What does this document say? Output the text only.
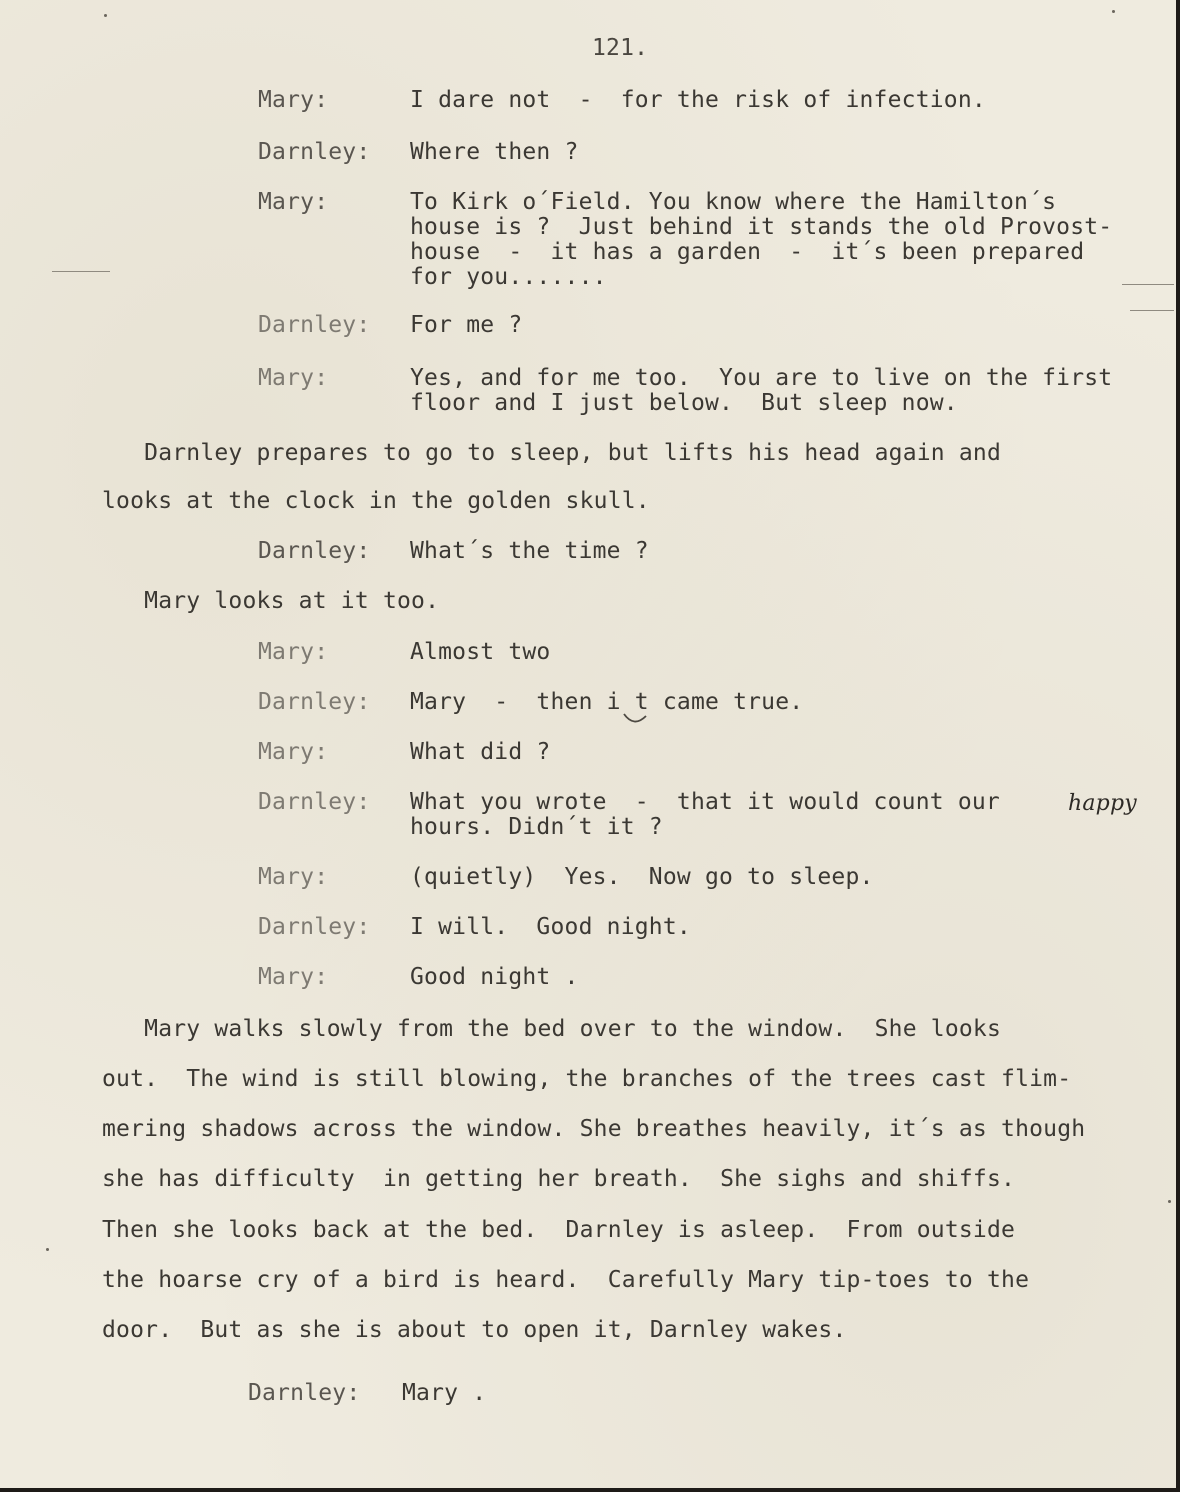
121.
Mary:	I dare not  -  for the risk of infection.
Darnley:	Where then ?
Mary:	To Kirk o´Field. You know where the Hamilton´s
house is ?  Just behind it stands the old Provost-
house  -  it has a garden  -  it´s been prepared
for you.......
Darnley:	For me ?
Mary:	Yes, and for me too.  You are to live on the first
floor and I just below.  But sleep now.
Darnley prepares to go to sleep, but lifts his head again and
looks at the clock in the golden skull.
Darnley:	What´s the time ?
Mary looks at it too.
Mary:	Almost two
Darnley:	Mary  -  then i t came true.
Mary:	What did ?
Darnley:	What you wrote  -  that it would count our happy
hours. Didn´t it ?
Mary:	(quietly)  Yes.  Now go to sleep.
Darnley:	I will.  Good night.
Mary:	Good night .
Mary walks slowly from the bed over to the window.  She looks
out.  The wind is still blowing, the branches of the trees cast flim-
mering shadows across the window. She breathes heavily, it´s as though
she has difficulty  in getting her breath.  She sighs and shiffs.
Then she looks back at the bed.  Darnley is asleep.  From outside
the hoarse cry of a bird is heard.  Carefully Mary tip-toes to the
door.  But as she is about to open it, Darnley wakes.
Darnley:	Mary .
